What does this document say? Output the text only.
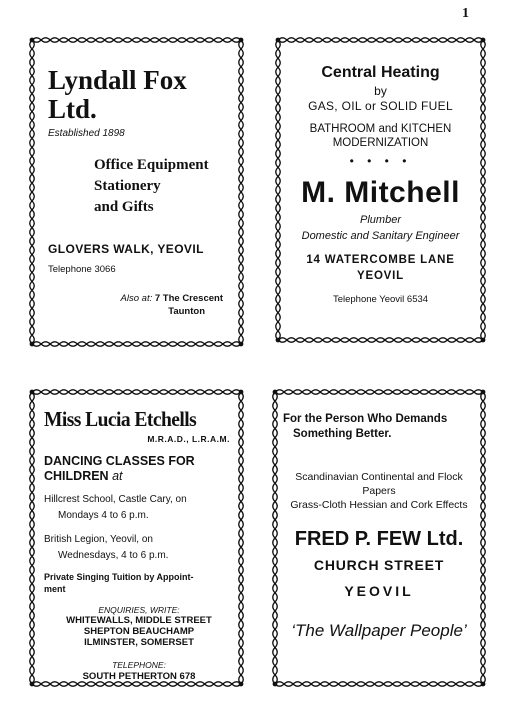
1
Lyndall Fox
Ltd.
Established 1898
Office Equipment
Stationery
and Gifts
GLOVERS WALK, YEOVIL
Telephone 3066
Also at: 7 The Crescent
Taunton
Central Heating
by
GAS, OIL or SOLID FUEL
BATHROOM and KITCHEN
MODERNIZATION
• • • •
M. Mitchell
Plumber
Domestic and Sanitary Engineer
14 WATERCOMBE LANE
YEOVIL
Telephone Yeovil 6534
Miss Lucia Etchells
M.R.A.D., L.R.A.M.
DANCING CLASSES FOR
CHILDREN at
Hillcrest School, Castle Cary, on
Mondays 4 to 6 p.m.
British Legion, Yeovil, on
Wednesdays, 4 to 6 p.m.
Private Singing Tuition by Appoint-
ment
ENQUIRIES, WRITE:
WHITEWALLS, MIDDLE STREET
SHEPTON BEAUCHAMP
ILMINSTER, SOMERSET
TELEPHONE:
SOUTH PETHERTON 678
For the Person Who Demands
Something Better.
Scandinavian Continental and Flock
Papers
Grass-Cloth Hessian and Cork Effects
FRED P. FEW Ltd.
CHURCH STREET
YEOVIL
‘The Wallpaper People’
